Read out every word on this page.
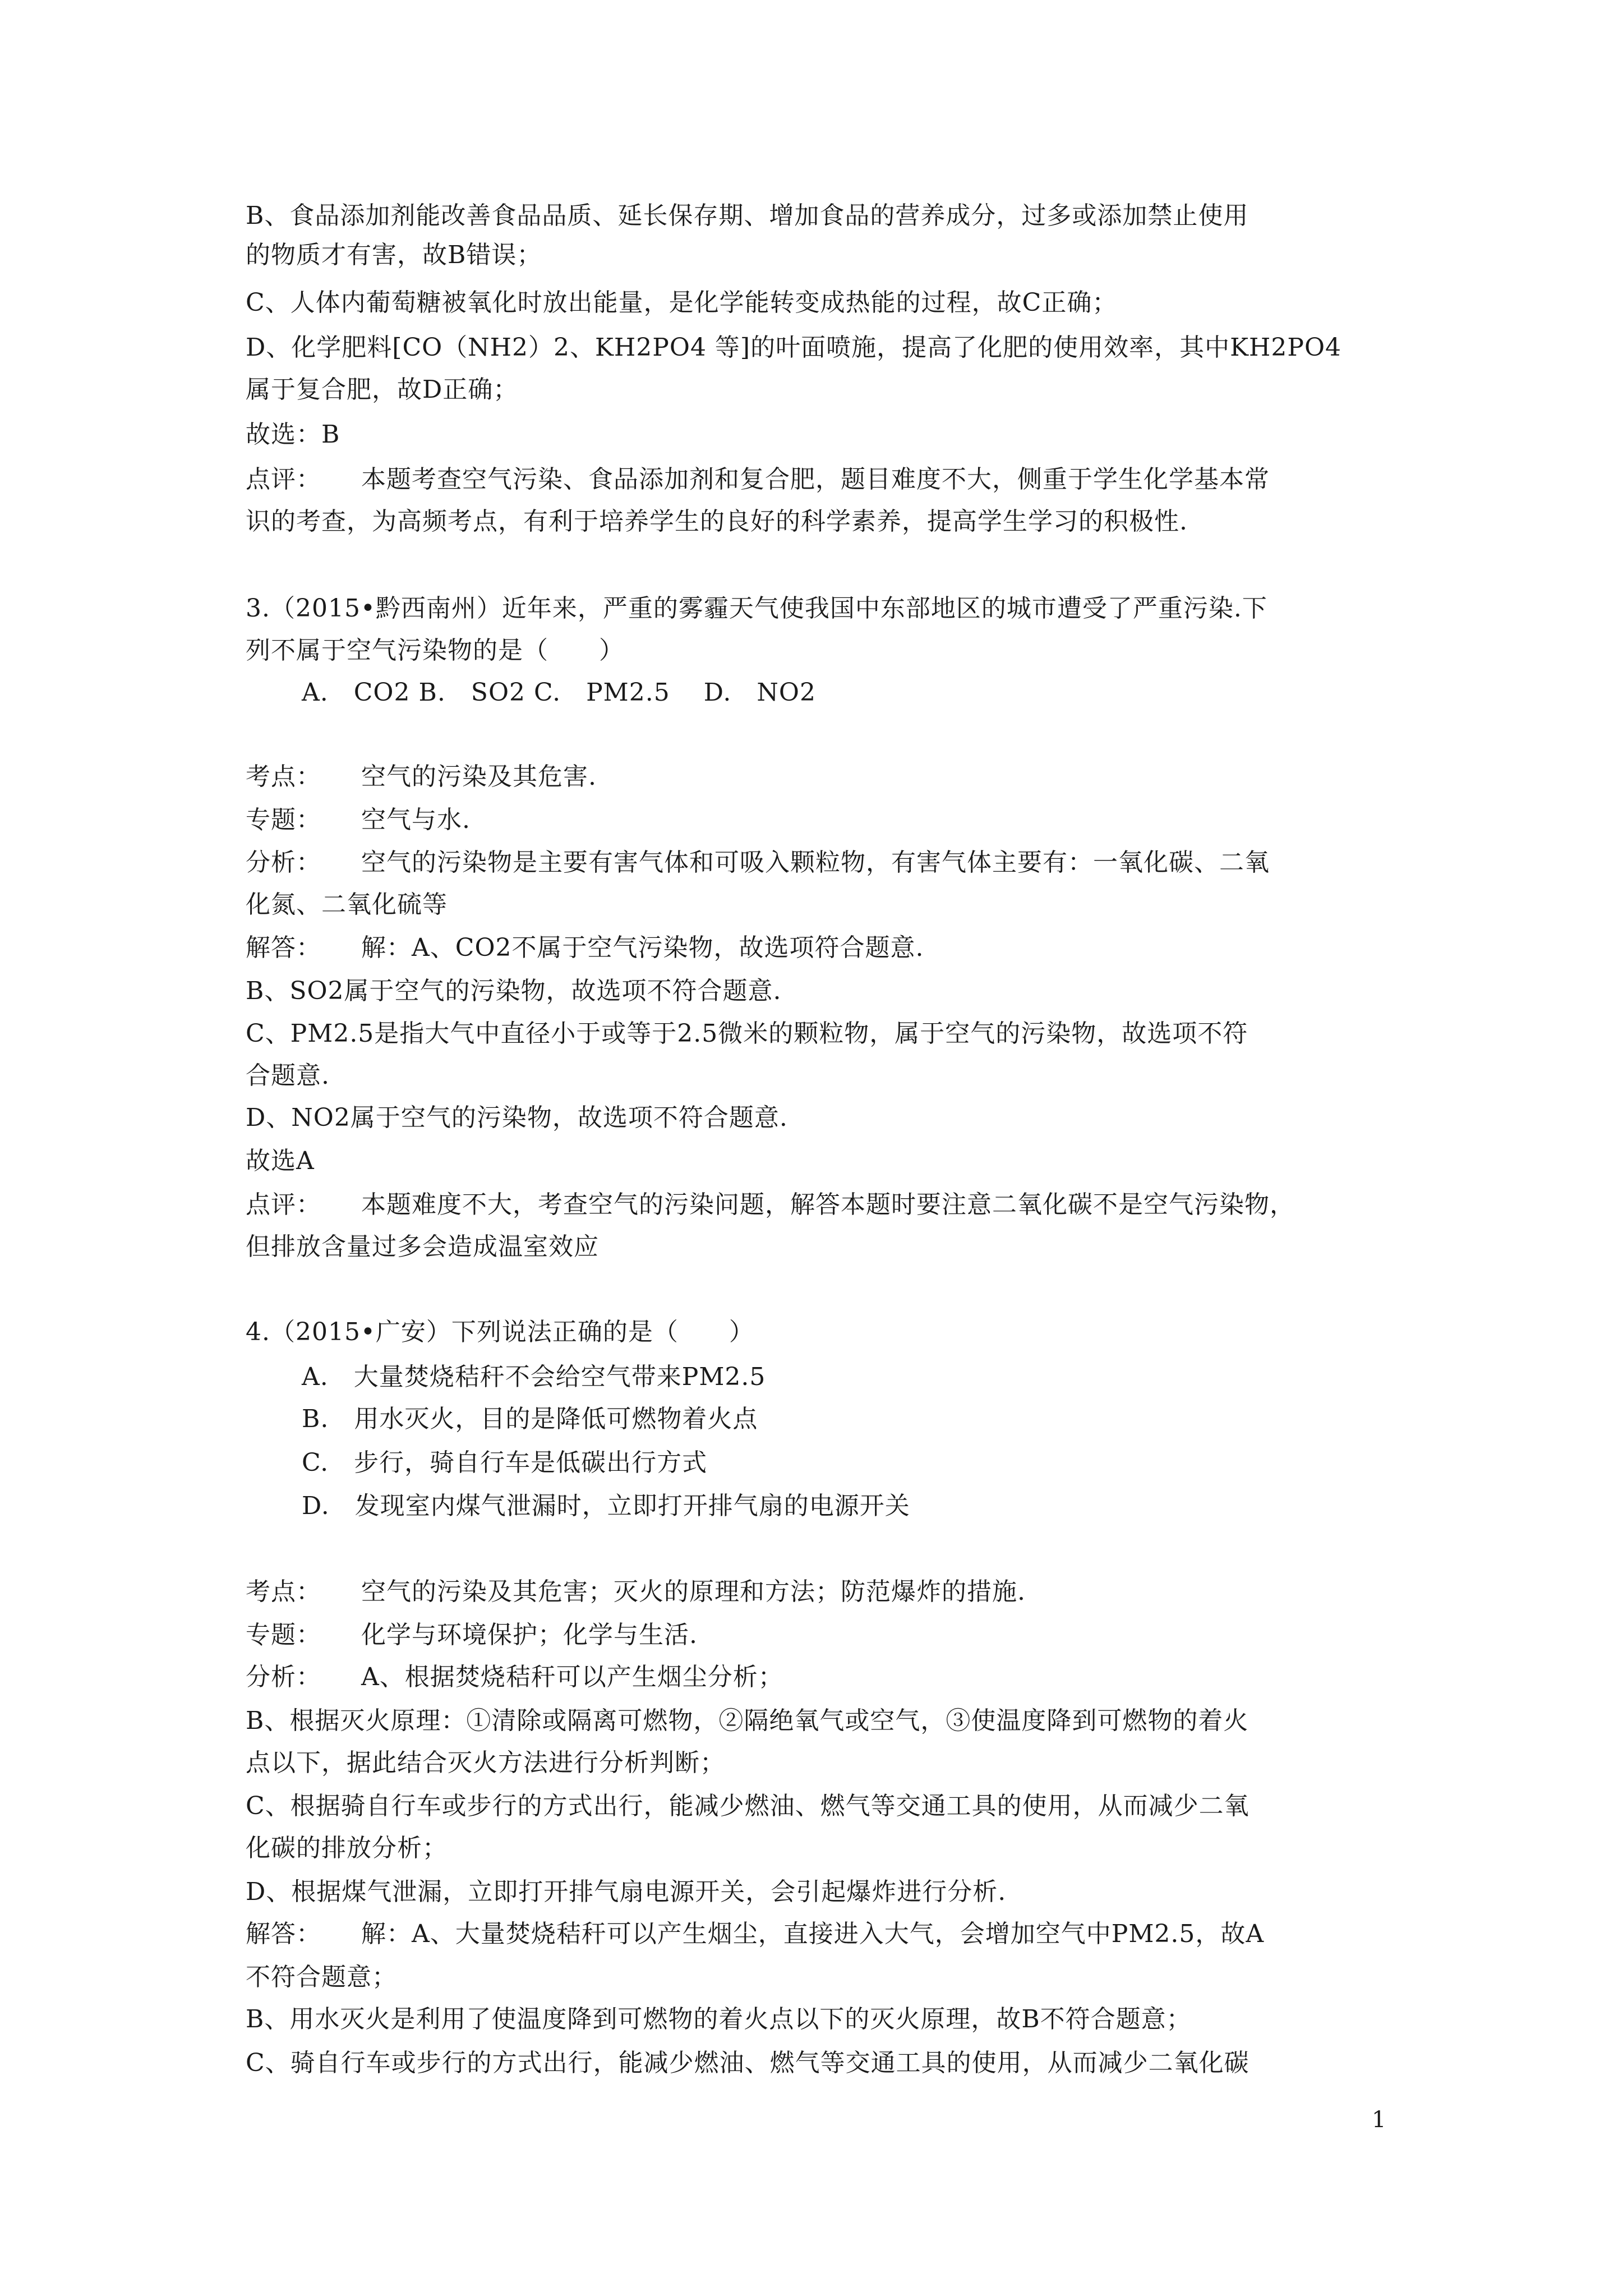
B、食品添加剂能改善食品品质、延长保存期、增加食品的营养成分，过多或添加禁止使用
的物质才有害，故B错误；
C、人体内葡萄糖被氧化时放出能量，是化学能转变成热能的过程，故C正确；
D、化学肥料[CO（NH2）2、KH2PO4 等]的叶面喷施，提高了化肥的使用效率，其中KH2PO4
属于复合肥，故D正确；
故选：B
点评： 本题考查空气污染、食品添加剂和复合肥，题目难度不大，侧重于学生化学基本常
识的考查，为高频考点，有利于培养学生的良好的科学素养，提高学生学习的积极性.
3.（2015•黔西南州）近年来，严重的雾霾天气使我国中东部地区的城市遭受了严重污染.下
列不属于空气污染物的是（　　）
A.　CO2 B.　SO2 C.　PM2.5　 D.　NO2
考点： 空气的污染及其危害.
专题： 空气与水.
分析： 空气的污染物是主要有害气体和可吸入颗粒物，有害气体主要有：一氧化碳、二氧
化氮、二氧化硫等
解答： 解：A、CO2不属于空气污染物，故选项符合题意.
B、SO2属于空气的污染物，故选项不符合题意.
C、PM2.5是指大气中直径小于或等于2.5微米的颗粒物，属于空气的污染物，故选项不符
合题意.
D、NO2属于空气的污染物，故选项不符合题意.
故选A
点评： 本题难度不大，考查空气的污染问题，解答本题时要注意二氧化碳不是空气污染物，
但排放含量过多会造成温室效应
4.（2015•广安）下列说法正确的是（　　）
A.　大量焚烧秸秆不会给空气带来PM2.5
B.　用水灭火，目的是降低可燃物着火点
C.　步行，骑自行车是低碳出行方式
D.　发现室内煤气泄漏时，立即打开排气扇的电源开关
考点： 空气的污染及其危害；灭火的原理和方法；防范爆炸的措施.
专题： 化学与环境保护；化学与生活.
分析： A、根据焚烧秸秆可以产生烟尘分析；
B、根据灭火原理：①清除或隔离可燃物，②隔绝氧气或空气，③使温度降到可燃物的着火
点以下，据此结合灭火方法进行分析判断；
C、根据骑自行车或步行的方式出行，能减少燃油、燃气等交通工具的使用，从而减少二氧
化碳的排放分析；
D、根据煤气泄漏，立即打开排气扇电源开关，会引起爆炸进行分析.
解答： 解：A、大量焚烧秸秆可以产生烟尘，直接进入大气，会增加空气中PM2.5，故A
不符合题意；
B、用水灭火是利用了使温度降到可燃物的着火点以下的灭火原理，故B不符合题意；
C、骑自行车或步行的方式出行，能减少燃油、燃气等交通工具的使用，从而减少二氧化碳
1
